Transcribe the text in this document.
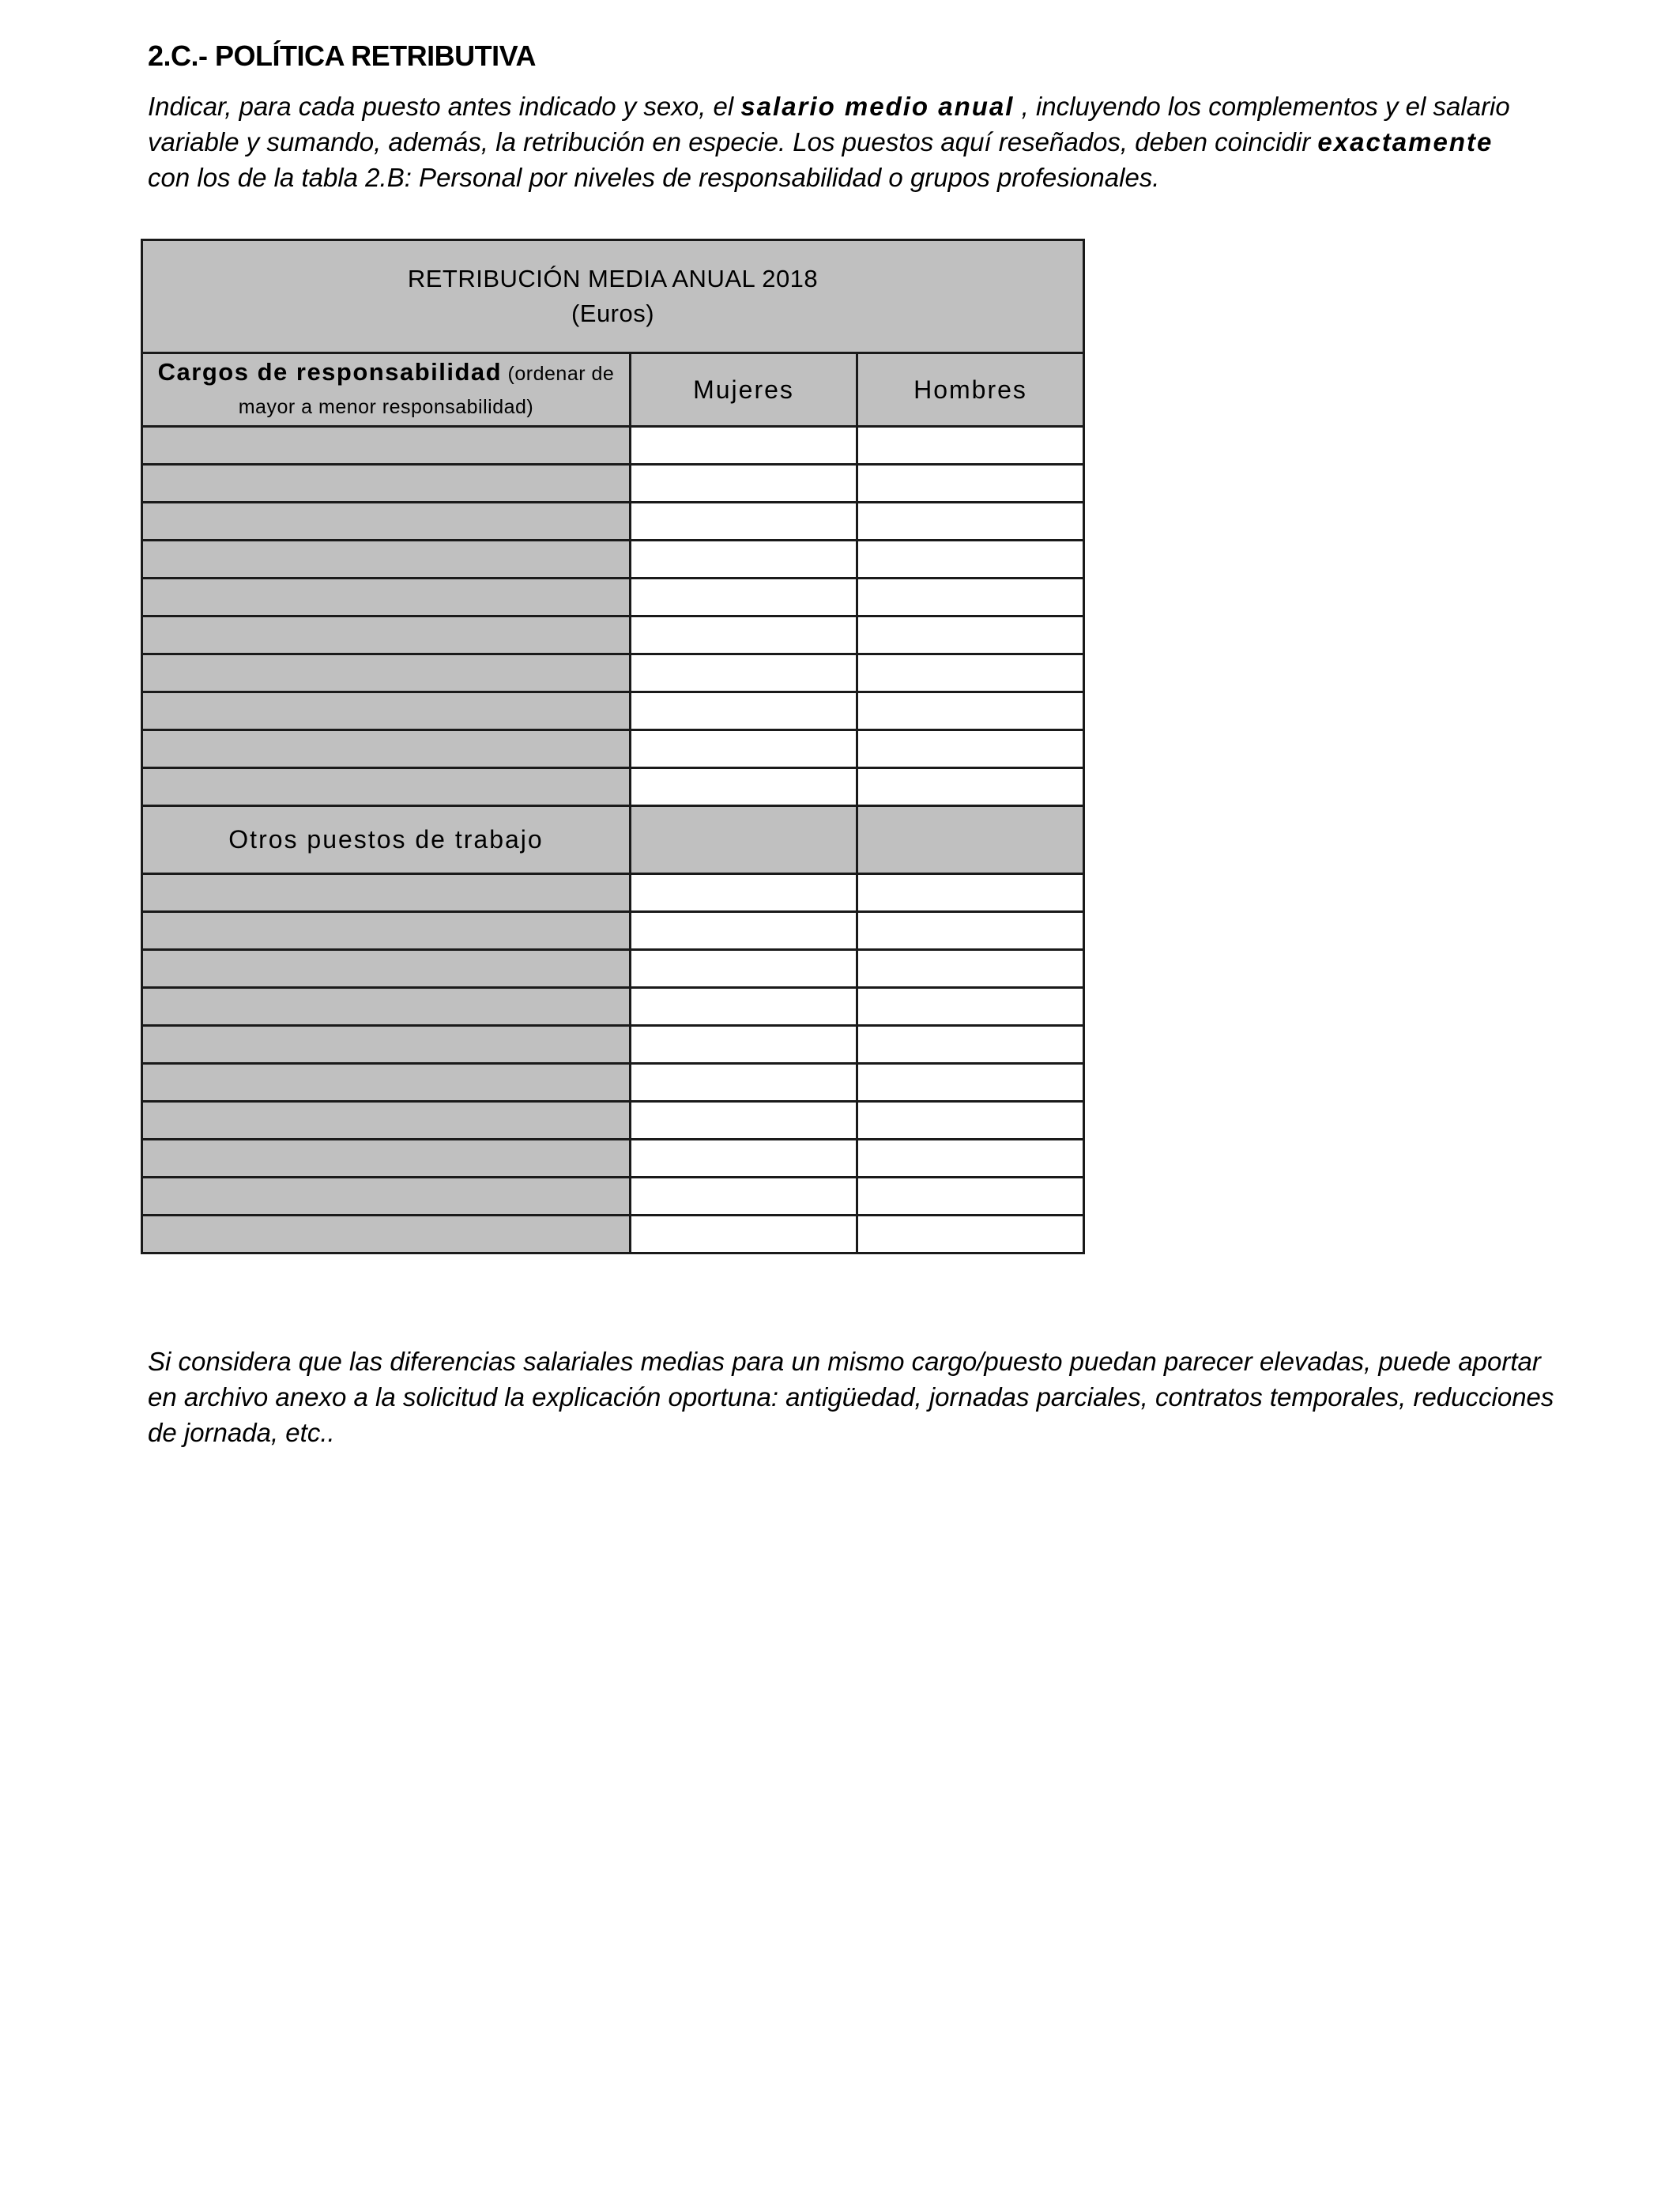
2.C.- POLÍTICA RETRIBUTIVA
Indicar, para cada puesto antes indicado y sexo, el salario medio anual , incluyendo los complementos y el salario variable y sumando, además, la retribución en especie. Los puestos aquí reseñados, deben coincidir exactamente con los de la tabla 2.B: Personal por niveles de responsabilidad o grupos profesionales.
RETRIBUCIÓN MEDIA ANUAL 2018
(Euros)		

Cargos de responsabilidad (ordenar de mayor a menor responsabilidad)	Mujeres	Hombres

Otros puestos de trabajo		

Si considera que las diferencias salariales medias para un mismo cargo/puesto puedan parecer elevadas, puede aportar en archivo anexo a la solicitud la explicación oportuna: antigüedad, jornadas parciales, contratos temporales, reducciones de jornada, etc..
